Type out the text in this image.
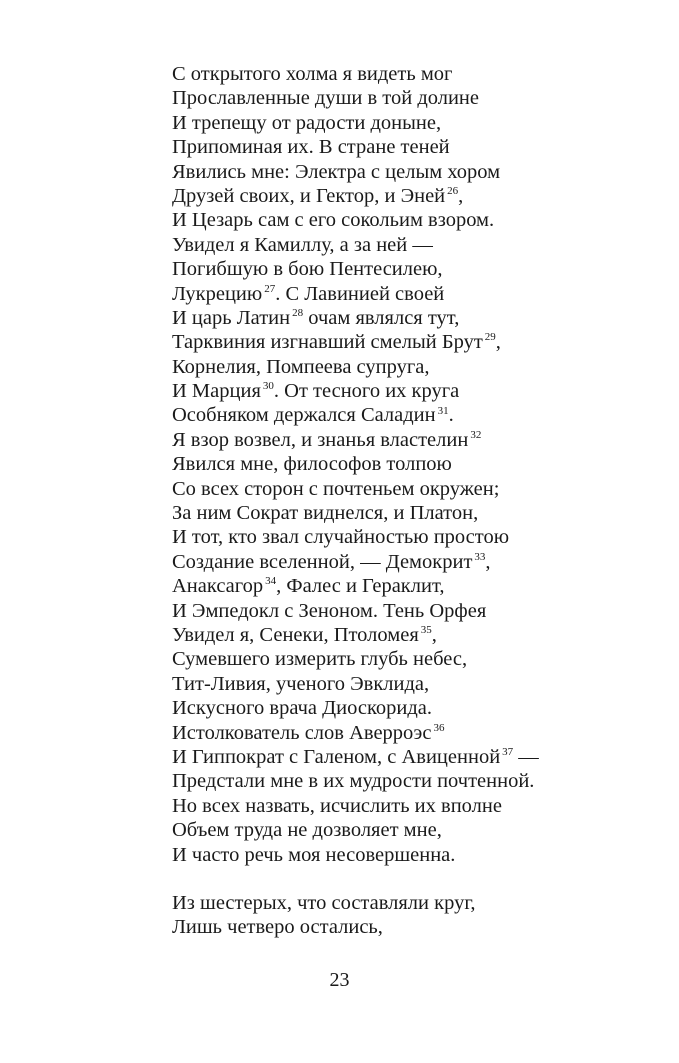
С открытого холма я видеть мог
Прославленные души в той долине
И трепещу от радости доныне,
Припоминая их. В стране теней
Явились мне: Электра с целым хором
Друзей своих, и Гектор, и Эней $^{26}$,
И Цезарь сам с его сокольим взором.
Увидел я Камиллу, а за ней —
Погибшую в бою Пентесилею,
Лукрецию $^{27}$. С Лавинией своей
И царь Латин $^{28}$ очам являлся тут,
Тарквиния изгнавший смелый Брут $^{29}$,
Корнелия, Помпеева супруга,
И Марция $^{30}$. От тесного их круга
Особняком держался Саладин $^{31}$.
Я взор возвел, и знанья властелин $^{32}$
Явился мне, философов толпою
Со всех сторон с почтеньем окружен;
За ним Сократ виднелся, и Платон,
И тот, кто звал случайностью простою
Создание вселенной, — Демокрит $^{33}$,
Анаксагор $^{34}$, Фалес и Гераклит,
И Эмпедокл с Зеноном. Тень Орфея
Увидел я, Сенеки, Птоломея $^{35}$,
Сумевшего измерить глубь небес,
Тит-Ливия, ученого Эвклида,
Искусного врача Диоскорида.
Истолкователь слов Аверроэс $^{36}$
И Гиппократ с Галеном, с Авиценной $^{37}$ —
Предстали мне в их мудрости почтенной.
Но всех назвать, исчислить их вполне
Объем труда не дозволяет мне,
И часто речь моя несовершенна.
Из шестерых, что составляли круг,
Лишь четверо остались,
23
